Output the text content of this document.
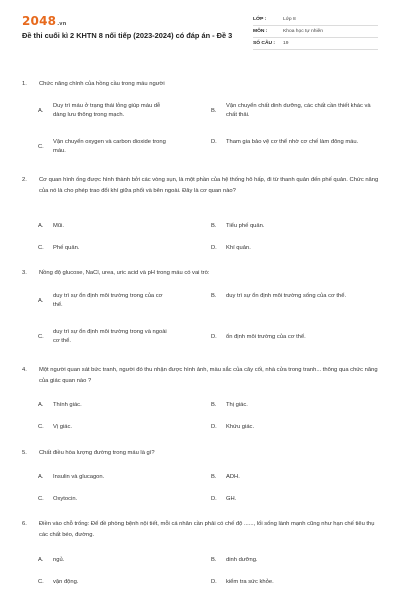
2048.vn
Đề thi cuối kì 2 KHTN 8 nối tiếp (2023-2024) có đáp án - Đề 3
LỚP :	Lớp 8
MÔN :	Khoa học tự nhiên
SỐ CÂU :	19
1.	Chức năng chính của hồng cầu trong máu người
A.
Duy trì máu ở trạng thái lỏng giúp máu dễ dàng lưu thông trong mạch.
B.
Vận chuyển chất dinh dưỡng, các chất cần thiết khác và chất thải.
C.
Vận chuyển oxygen và carbon dioxide trong máu.
D.	Tham gia bảo vệ cơ thể nhờ cơ chế làm đông máu.
2.	Cơ quan hình ống được hình thành bởi các vòng sụn, là một phần của hệ thống hô hấp, đi từ thanh quản đến phế quản. Chức năng của nó là cho phép trao đổi khí giữa phổi và bên ngoài. Đây là cơ quan nào?
A.	Mũi.	B.	Tiểu phế quản.
C.	Phế quản.	D.	Khí quản.
3.	Nồng độ glucose, NaCl, urea, uric acid và pH trong máu có vai trò:
A.
duy trì sự ổn định môi trường trong của cơ thể.
B.	duy trì sự ổn định môi trường sống của cơ thể.
C.
duy trì sự ổn định môi trường trong và ngoài cơ thể.
D.	ổn định môi trường của cơ thể.
4.	Một người quan sát bức tranh, người đó thu nhận được hình ảnh, màu sắc của cây cối, nhà cửa trong tranh... thông qua chức năng của giác quan nào ?
A.	Thính giác.	B.	Thị giác.
C.	Vị giác.	D.	Khứu giác.
5.	Chất điều hòa lượng đường trong máu là gì?
A.	Insulin và glucagon.	B.	ADH.
C.	Oxytocin.	D.	GH.
6.	Điền vào chỗ trống: Để đề phòng bệnh nội tiết, mỗi cá nhân cần phải có chế độ ......, lối sống lành mạnh cũng như hạn chế tiêu thụ các chất béo, đường.
A.	ngủ.	B.	dinh dưỡng.
C.	vận động.	D.	kiểm tra sức khỏe.
